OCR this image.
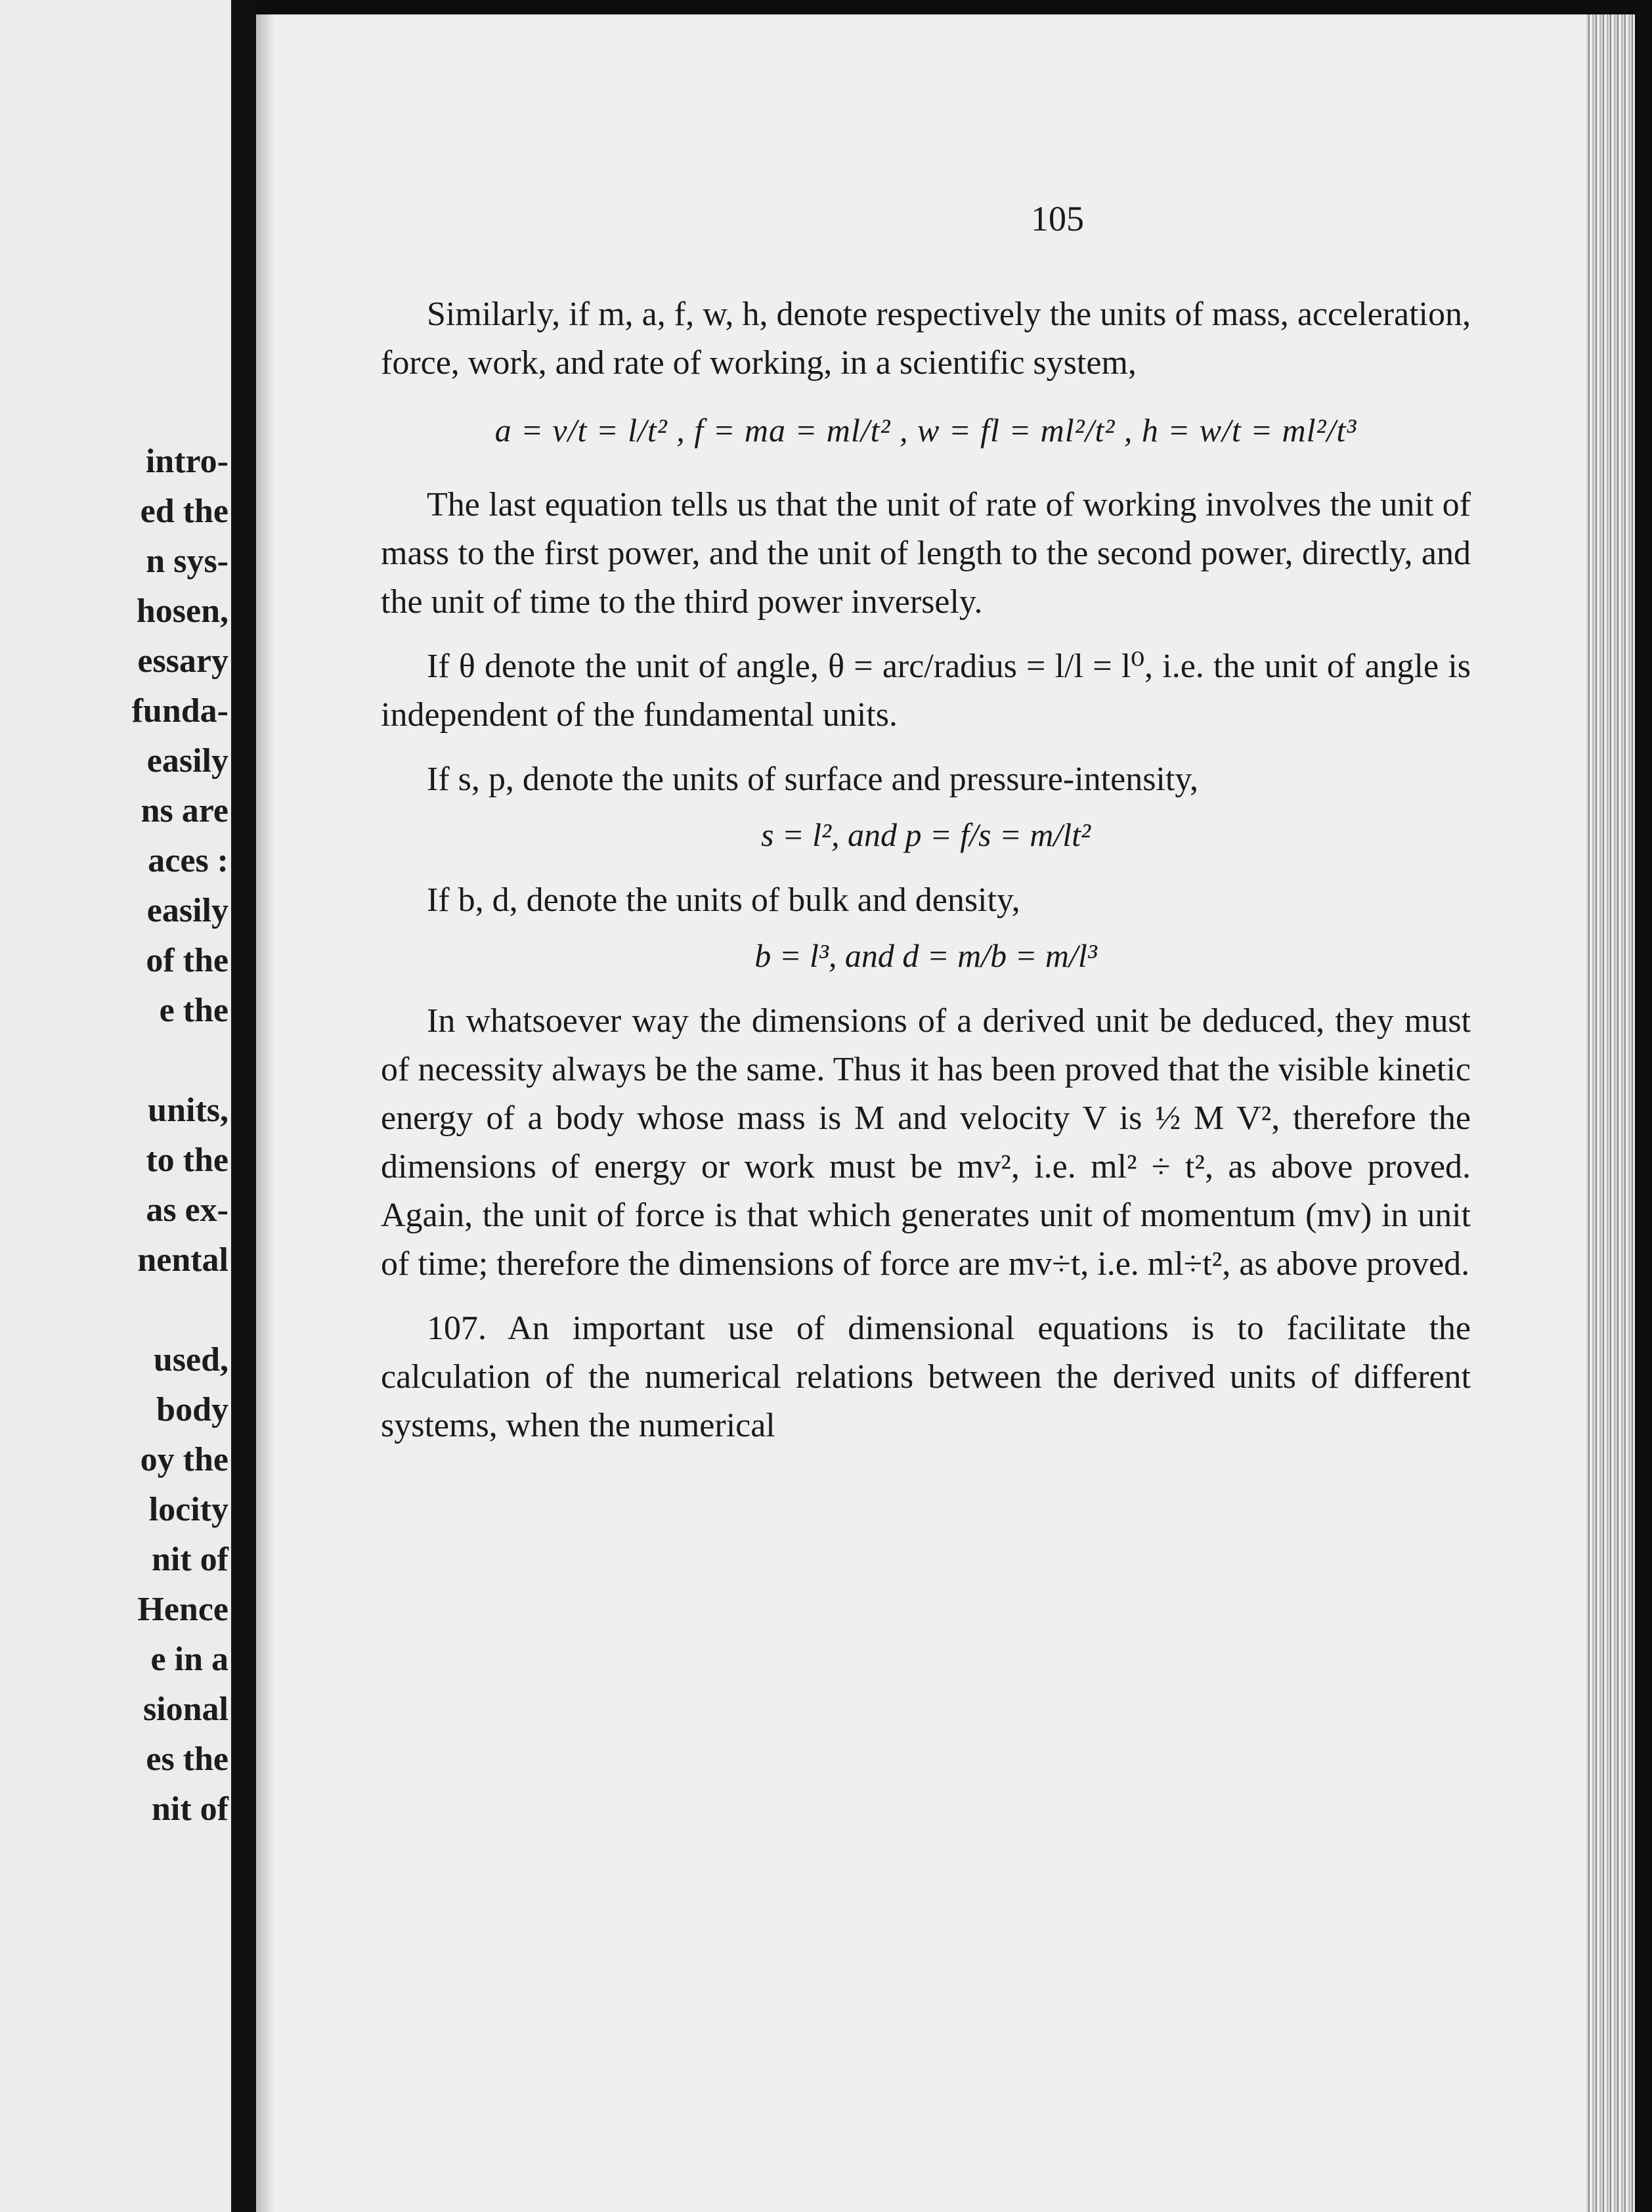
intro-
ed the
n sys-
hosen,
essary
funda-
easily
ns are
aces :
easily
of the
e the
units,
to the
as ex-
nental
used,
body
oy the
locity
nit of
Hence
e in a
sional
es the
nit of
105

Similarly, if m, a, f, w, h, denote respectively the units of mass, acceleration, force, work, and rate of working, in a scientific system,

a = v/t = l/t² , f = ma = ml/t² , w = fl = ml²/t² , h = w/t = ml²/t³

The last equation tells us that the unit of rate of working involves the unit of mass to the first power, and the unit of length to the second power, directly, and the unit of time to the third power inversely.

If θ denote the unit of angle, θ = arc/radius = l/l = l⁰, i.e. the unit of angle is independent of the fundamental units.

If s, p, denote the units of surface and pressure-intensity,

s = l², and p = f/s = m/lt²

If b, d, denote the units of bulk and density,

b = l³, and d = m/b = m/l³

In whatsoever way the dimensions of a derived unit be deduced, they must of necessity always be the same. Thus it has been proved that the visible kinetic energy of a body whose mass is M and velocity V is ½ M V², therefore the dimensions of energy or work must be mv², i.e. ml² ÷ t², as above proved. Again, the unit of force is that which generates unit of momentum (mv) in unit of time; therefore the dimensions of force are mv÷t, i.e. ml÷t², as above proved.

107. An important use of dimensional equations is to facilitate the calculation of the numerical relations between the derived units of different systems, when the numerical
